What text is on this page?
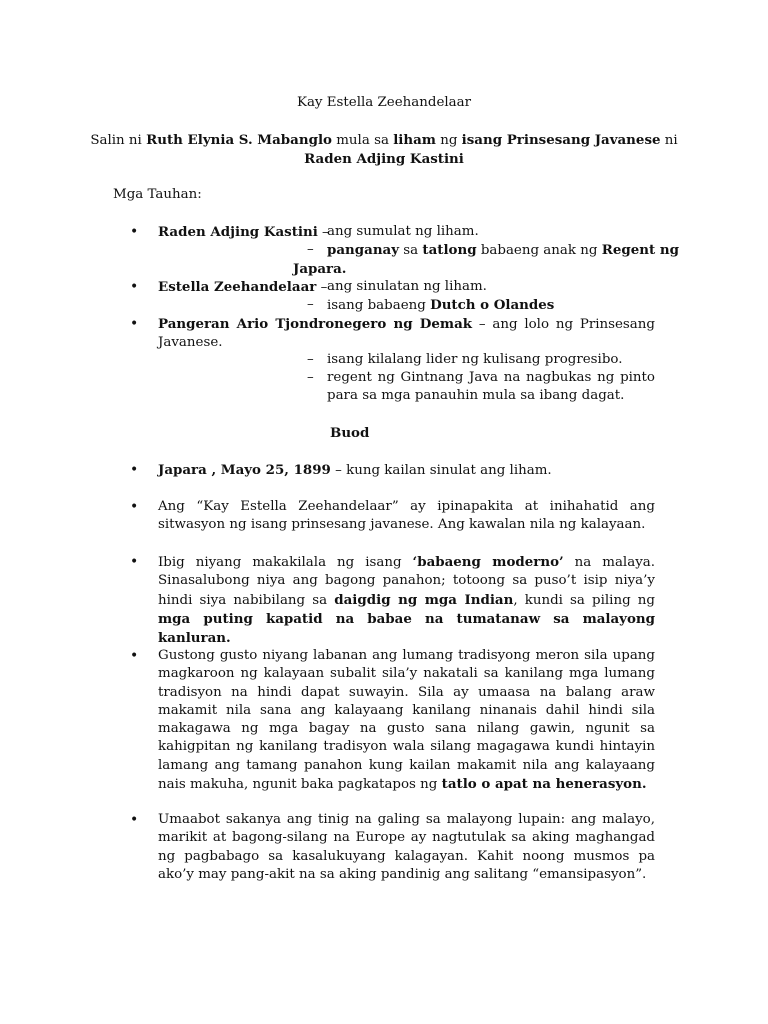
Kay Estella Zeehandelaar
Salin ni Ruth Elynia S. Mabanglo mula sa liham ng isang Prinsesang Javanese ni
Raden Adjing Kastini
Mga Tauhan:
• Raden Adjing Kastini –
ang sumulat ng liham.
– panganay sa tatlong babaeng anak ng Regent ng
Japara.
• Estella Zeehandelaar – ang sinulatan ng liham.
– isang babaeng Dutch o Olandes
• Pangeran Ario Tjondronegero ng Demak – ang lolo ng Prinsesang Javanese.
– isang kilalang lider ng kulisang progresibo.
– regent ng Gintnang Java na nagbukas ng pinto para sa mga panauhin mula sa ibang dagat.
Buod
• Japara , Mayo 25, 1899 – kung kailan sinulat ang liham.
• Ang “Kay Estella Zeehandelaar” ay ipinapakita at inihahatid ang sitwasyon ng isang prinsesang javanese. Ang kawalan nila ng kalayaan.
• Ibig niyang makakilala ng isang ‘babaeng moderno’ na malaya. Sinasalubong niya ang bagong panahon; totoong sa puso’t isip niya’y hindi siya nabibilang sa daigdig ng mga Indian, kundi sa piling ng mga puting kapatid na babae na tumatanaw sa malayong kanluran.
• Gustong gusto niyang labanan ang lumang tradisyong meron sila upang magkaroon ng kalayaan subalit sila’y nakatali sa kanilang mga lumang tradisyon na hindi dapat suwayin. Sila ay umaasa na balang araw makamit nila sana ang kalayaang kanilang ninanais dahil hindi sila makagawa ng mga bagay na gusto sana nilang gawin, ngunit sa kahigpitan ng kanilang tradisyon wala silang magagawa kundi hintayin lamang ang tamang panahon kung kailan makamit nila ang kalayaang nais makuha, ngunit baka pagkatapos ng tatlo o apat na henerasyon.
• Umaabot sakanya ang tinig na galing sa malayong lupain: ang malayo, marikit at bagong-silang na Europe ay nagtutulak sa aking maghangad ng pagbabago sa kasalukuyang kalagayan. Kahit noong musmos pa ako’y may pang-akit na sa aking pandinig ang salitang “emansipasyon”.
